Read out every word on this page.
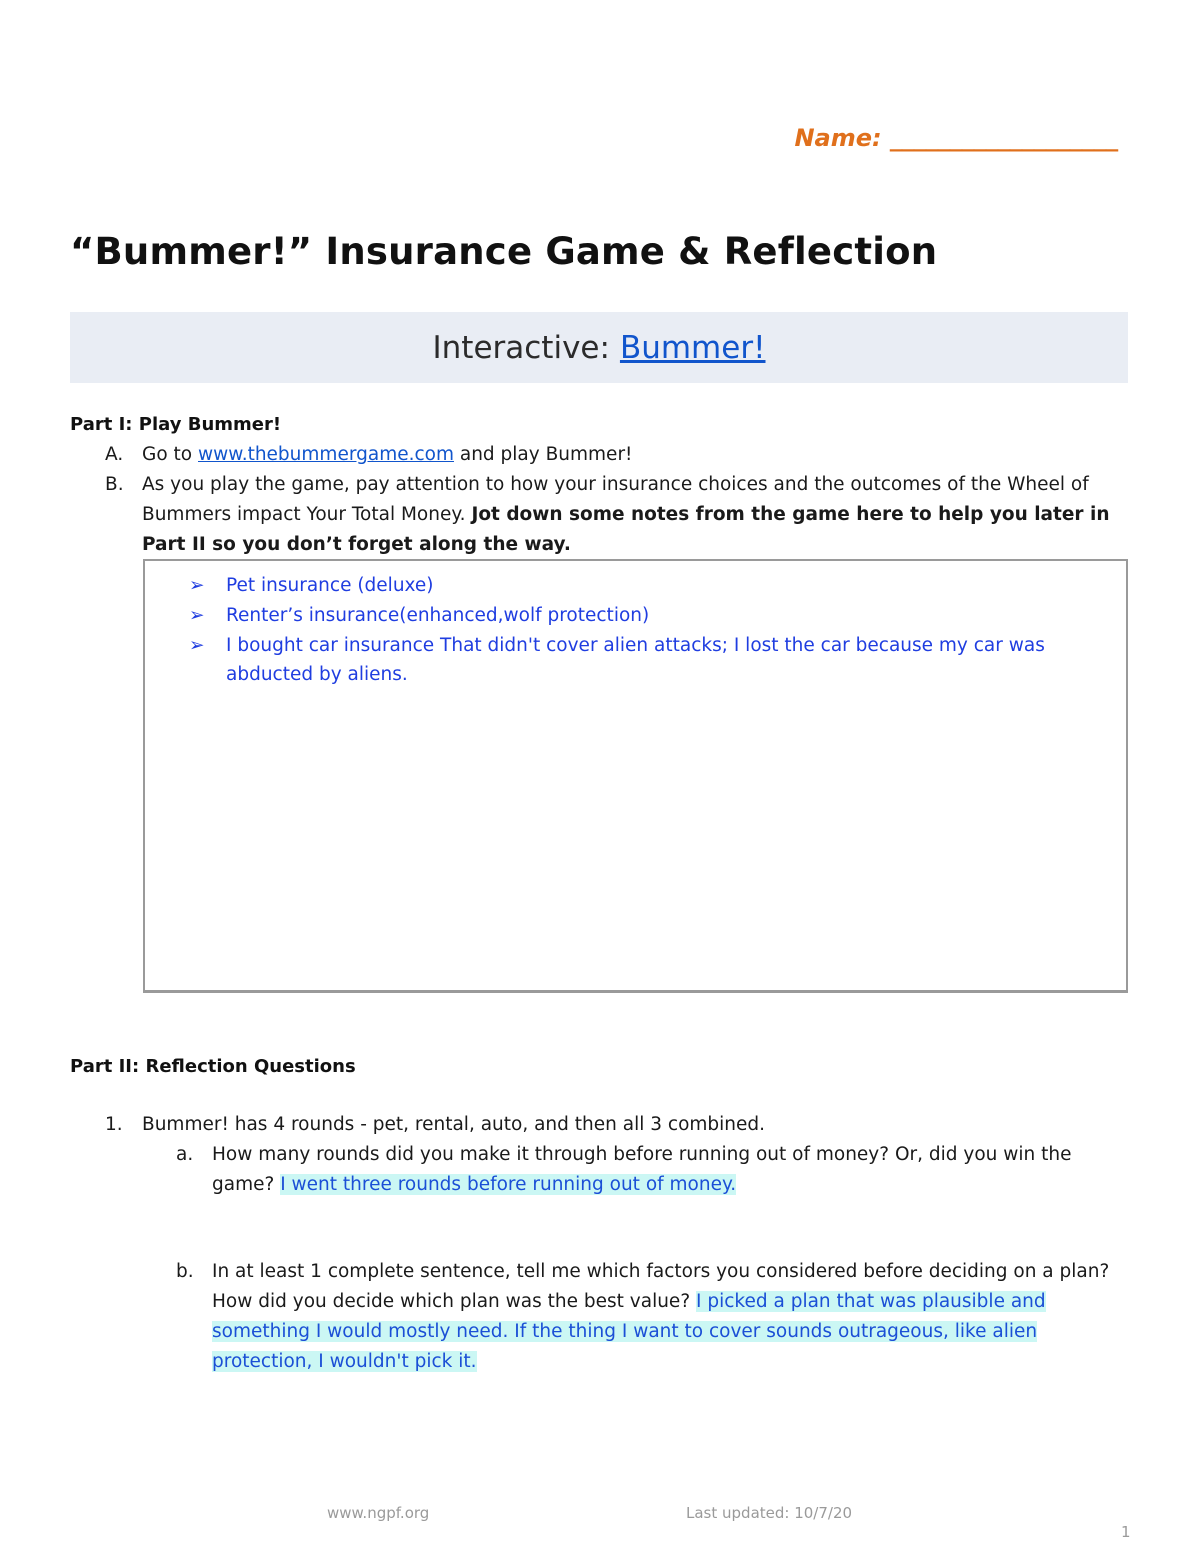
Name: ___________________
“Bummer!” Insurance Game & Reflection
Interactive: Bummer!
Part I: Play Bummer!
A.	Go to www.thebummergame.com and play Bummer!
B. As you play the game, pay attention to how your insurance choices and the outcomes of the Wheel of Bummers impact Your Total Money. Jot down some notes from the game here to help you later in Part II so you don’t forget along the way.
➢ Pet insurance (deluxe)
➢ Renter’s insurance(enhanced,wolf protection)
➢ I bought car insurance That didn't cover alien attacks; I lost the car because my car was abducted by aliens.
Part II: Reflection Questions
1.	Bummer! has 4 rounds - pet, rental, auto, and then all 3 combined.
a.	How many rounds did you make it through before running out of money? Or, did you win the game? I went three rounds before running out of money.
b. In at least 1 complete sentence, tell me which factors you considered before deciding on a plan? How did you decide which plan was the best value? I picked a plan that was plausible and something I would mostly need. If the thing I want to cover sounds outrageous, like alien protection, I wouldn't pick it.
www.ngpf.org	Last updated: 10/7/20
1
